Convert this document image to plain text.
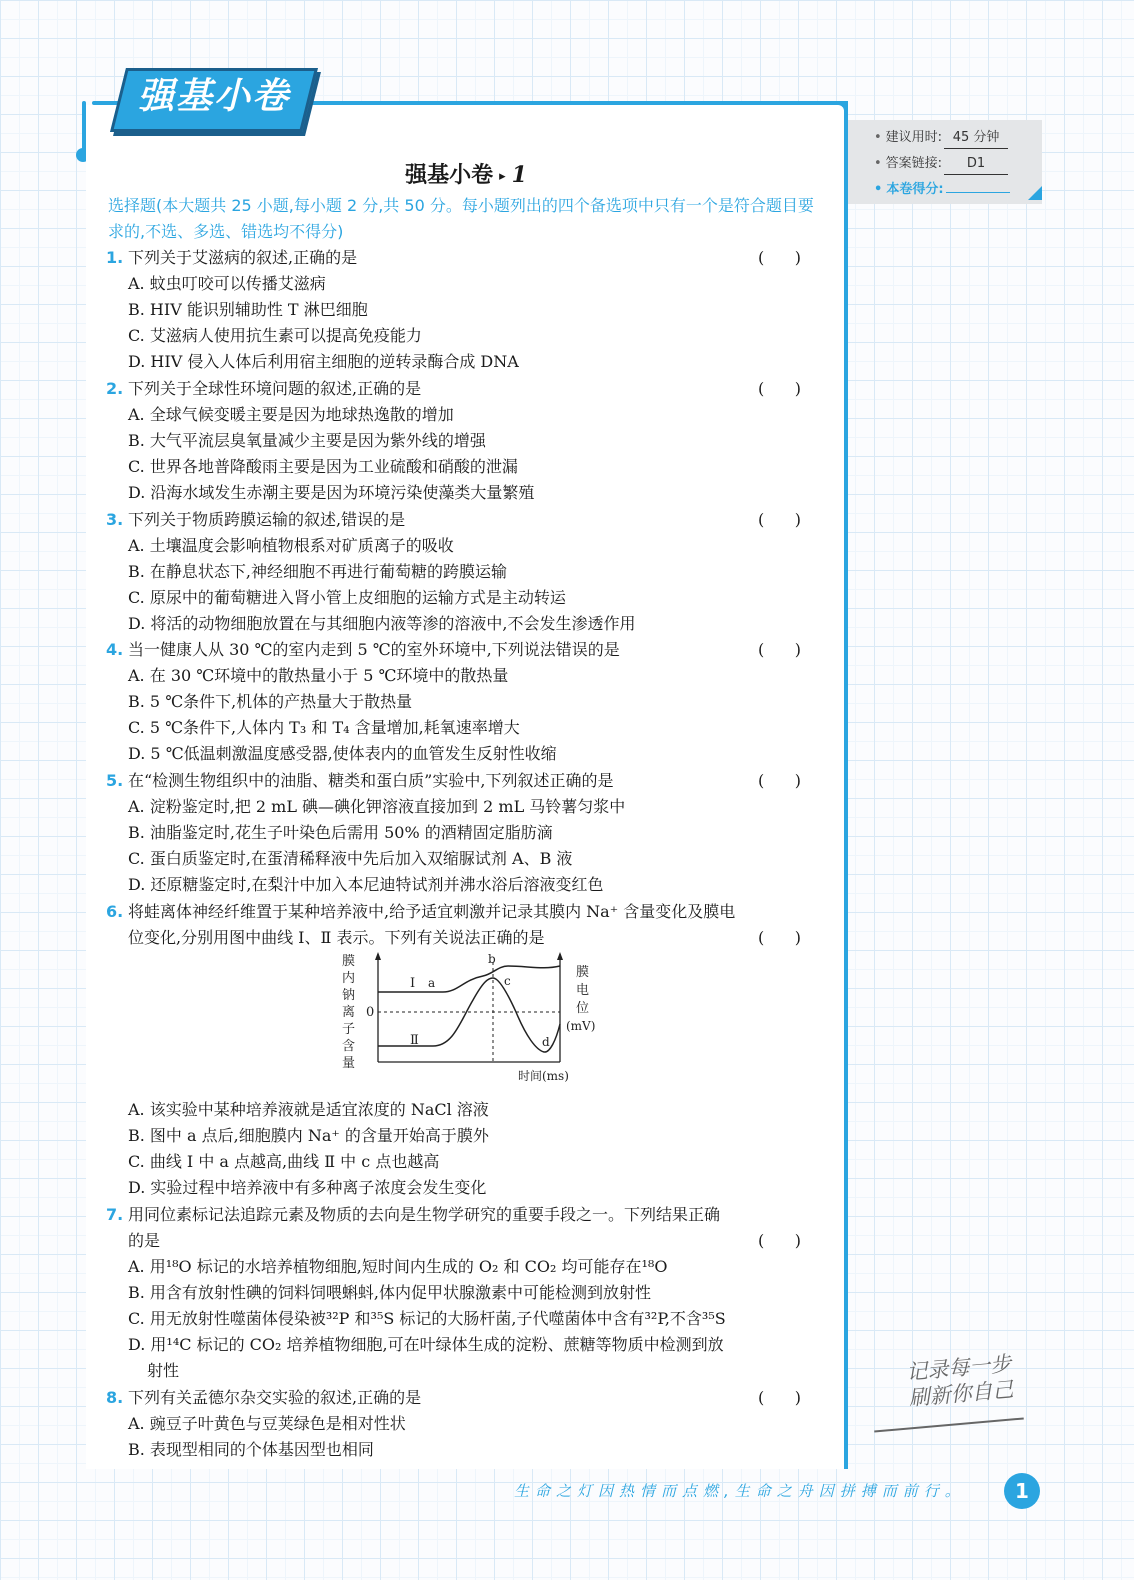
强基小卷
• 建议用时: 45 分钟
• 答案链接: D1
• 本卷得分:
强基小卷 ▸ 1
选择题(本大题共 25 小题,每小题 2 分,共 50 分。每小题列出的四个备选项中只有一个是符合题目要求的,不选、多选、错选均不得分)
1. 下列关于艾滋病的叙述,正确的是	(      )
A. 蚊虫叮咬可以传播艾滋病
B. HIV 能识别辅助性 T 淋巴细胞
C. 艾滋病人使用抗生素可以提高免疫能力
D. HIV 侵入人体后利用宿主细胞的逆转录酶合成 DNA
2. 下列关于全球性环境问题的叙述,正确的是	(      )
A. 全球气候变暖主要是因为地球热逸散的增加
B. 大气平流层臭氧量减少主要是因为紫外线的增强
C. 世界各地普降酸雨主要是因为工业硫酸和硝酸的泄漏
D. 沿海水域发生赤潮主要是因为环境污染使藻类大量繁殖
3. 下列关于物质跨膜运输的叙述,错误的是	(      )
A. 土壤温度会影响植物根系对矿质离子的吸收
B. 在静息状态下,神经细胞不再进行葡萄糖的跨膜运输
C. 原尿中的葡萄糖进入肾小管上皮细胞的运输方式是主动转运
D. 将活的动物细胞放置在与其细胞内液等渗的溶液中,不会发生渗透作用
4. 当一健康人从 30 ℃的室内走到 5 ℃的室外环境中,下列说法错误的是	(      )
A. 在 30 ℃环境中的散热量小于 5 ℃环境中的散热量
B. 5 ℃条件下,机体的产热量大于散热量
C. 5 ℃条件下,人体内 T₃ 和 T₄ 含量增加,耗氧速率增大
D. 5 ℃低温刺激温度感受器,使体表内的血管发生反射性收缩
5. 在“检测生物组织中的油脂、糖类和蛋白质”实验中,下列叙述正确的是	(      )
A. 淀粉鉴定时,把 2 mL 碘—碘化钾溶液直接加到 2 mL 马铃薯匀浆中
B. 油脂鉴定时,花生子叶染色后需用 50% 的酒精固定脂肪滴
C. 蛋白质鉴定时,在蛋清稀释液中先后加入双缩脲试剂 A、B 液
D. 还原糖鉴定时,在梨汁中加入本尼迪特试剂并沸水浴后溶液变红色
6. 将蛙离体神经纤维置于某种培养液中,给予适宜刺激并记录其膜内 Na⁺ 含量变化及膜电
位变化,分别用图中曲线 Ⅰ、Ⅱ 表示。下列有关说法正确的是	(      )
膜
内
钠
离
子
含
量
0
Ⅰ a
Ⅱ
b
c
d
膜
电
位
(mV)
时间(ms)
A. 该实验中某种培养液就是适宜浓度的 NaCl 溶液
B. 图中 a 点后,细胞膜内 Na⁺ 的含量开始高于膜外
C. 曲线 Ⅰ 中 a 点越高,曲线 Ⅱ 中 c 点也越高
D. 实验过程中培养液中有多种离子浓度会发生变化
7. 用同位素标记法追踪元素及物质的去向是生物学研究的重要手段之一。下列结果正确
的是	(      )
A. 用¹⁸O 标记的水培养植物细胞,短时间内生成的 O₂ 和 CO₂ 均可能存在¹⁸O
B. 用含有放射性碘的饲料饲喂蝌蚪,体内促甲状腺激素中可能检测到放射性
C. 用无放射性噬菌体侵染被³²P 和³⁵S 标记的大肠杆菌,子代噬菌体中含有³²P,不含³⁵S
D. 用¹⁴C 标记的 CO₂ 培养植物细胞,可在叶绿体生成的淀粉、蔗糖等物质中检测到放
射性
8. 下列有关孟德尔杂交实验的叙述,正确的是	(      )
A. 豌豆子叶黄色与豆荚绿色是相对性状
B. 表现型相同的个体基因型也相同
记录每一步
刷新你自己
生命之灯因热情而点燃,生命之舟因拼搏而前行。	1
